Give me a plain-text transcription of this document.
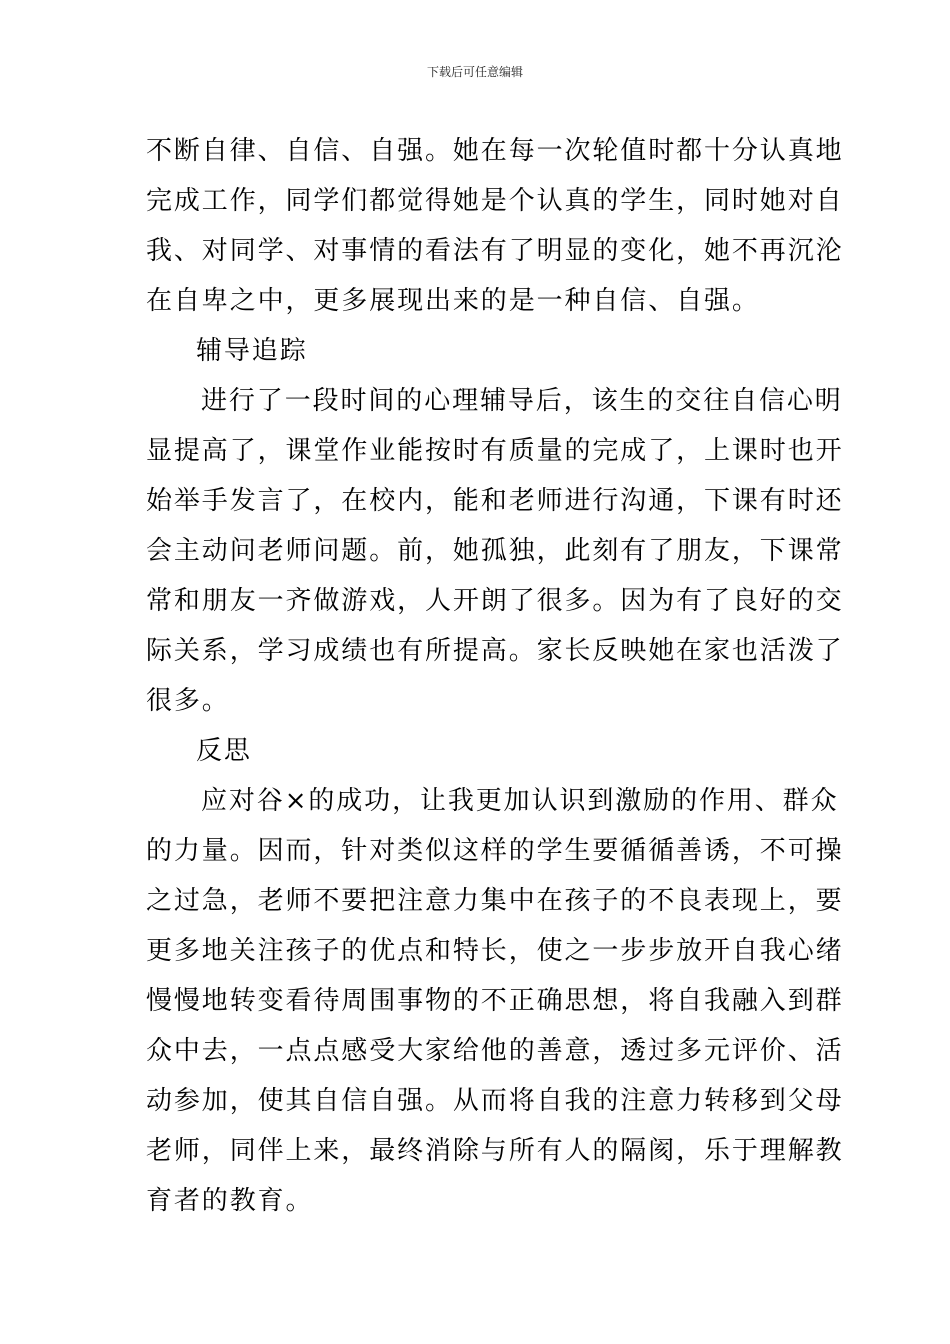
下载后可任意编辑
不断自律、自信、自强。她在每一次轮值时都十分认真地
完成工作，同学们都觉得她是个认真的学生，同时她对自
我、对同学、对事情的看法有了明显的变化，她不再沉沦
在自卑之中，更多展现出来的是一种自信、自强。
辅导追踪
进行了一段时间的心理辅导后，该生的交往自信心明
显提高了，课堂作业能按时有质量的完成了，上课时也开
始举手发言了，在校内，能和老师进行沟通，下课有时还
会主动问老师问题。前，她孤独，此刻有了朋友，下课常
常和朋友一齐做游戏，人开朗了很多。因为有了良好的交
际关系，学习成绩也有所提高。家长反映她在家也活泼了
很多。
反思
应对谷×的成功，让我更加认识到激励的作用、群众
的力量。因而，针对类似这样的学生要循循善诱，不可操
之过急，老师不要把注意力集中在孩子的不良表现上，要
更多地关注孩子的优点和特长，使之一步步放开自我心绪
慢慢地转变看待周围事物的不正确思想，将自我融入到群
众中去，一点点感受大家给他的善意，透过多元评价、活
动参加，使其自信自强。从而将自我的注意力转移到父母
老师，同伴上来，最终消除与所有人的隔阂，乐于理解教
育者的教育。
